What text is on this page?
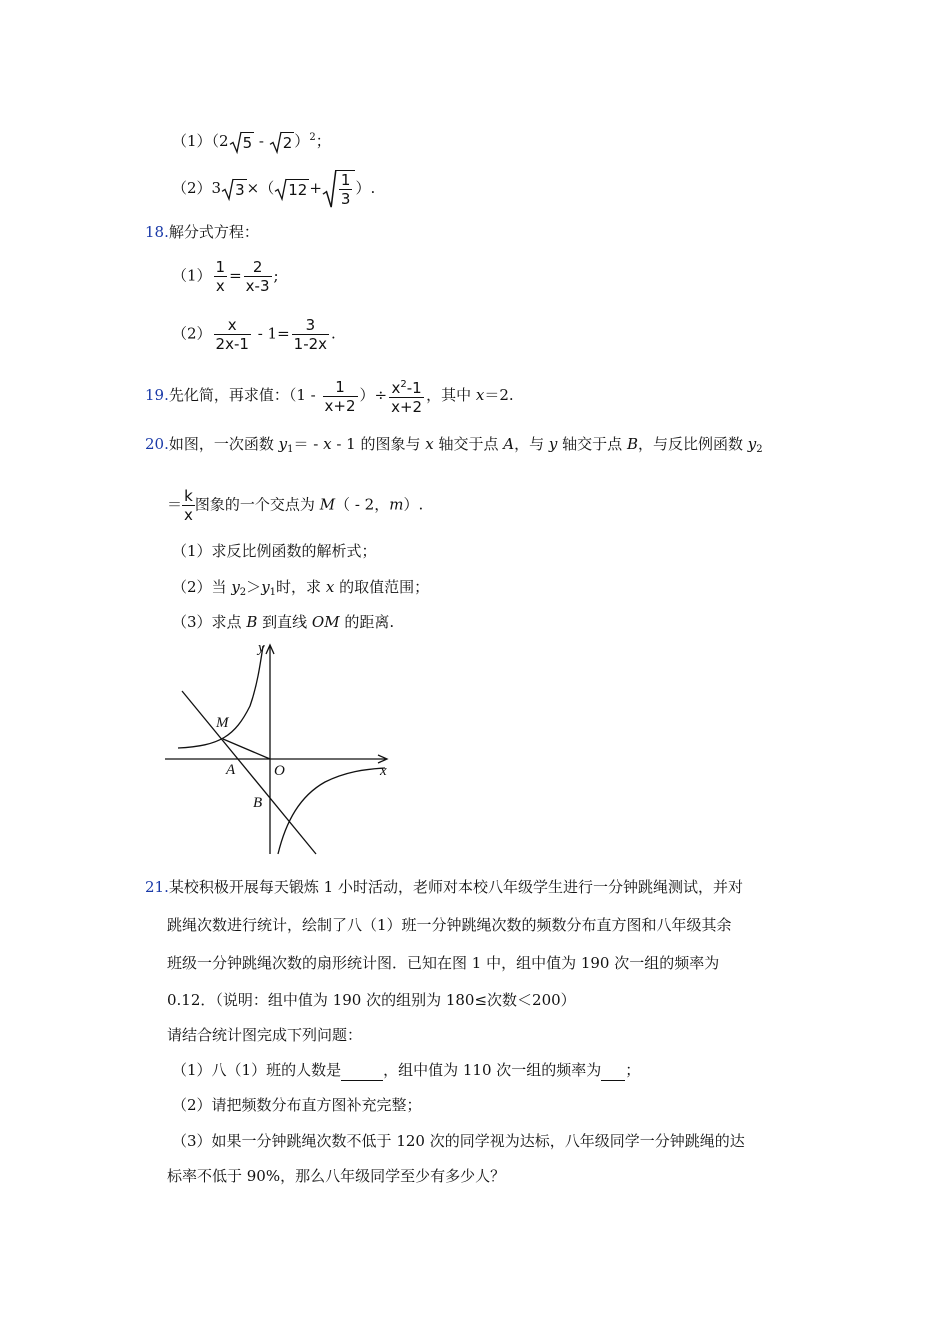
（1）（2 5 -
2 ）$^2$；
（2）3 3 ×（ $12 + \frac{1}{3}$ ）.
18.解分式方程：
$(1) \frac{1}{x} = \frac{2}{x-3}$ ;
$(2) \frac{x}{2x-1} - 1= \frac{3}{1-2x}$ .
19.先化简，再求值：（$1 - \frac{1}{x+2}$ ）÷ $\frac{x^2-1}{x+2}$ ，其中 x＝2.
20.如图，一次函数 $y_1= - x - 1$ 的图象与 x 轴交于点 A，与 y 轴交于点 B，与反比例函数 $y_2$
＝ $\frac{k}{x}$ 图象的一个交点为 M（ - 2，m）.
（1）求反比例函数的解析式；
（2）当 $y_2>y_1$时，求 x 的取值范围；
（3）求点 B 到直线 OM 的距离.
y
x
O
A
B
M
21.某校积极开展每天锻炼 1 小时活动，老师对本校八年级学生进行一分钟跳绳测试，并对
跳绳次数进行统计，绘制了八（1）班一分钟跳绳次数的频数分布直方图和八年级其余
班级一分钟跳绳次数的扇形统计图．已知在图 1 中，组中值为 190 次一组的频率为
0.12．（说明：组中值为 190 次的组别为 180≤次数＜200）
请结合统计图完成下列问题：
（1）八（1）班的人数是	，组中值为 110 次一组的频率为 ；
（2）请把频数分布直方图补充完整；
（3）如果一分钟跳绳次数不低于 120 次的同学视为达标，八年级同学一分钟跳绳的达
标率不低于 90%，那么八年级同学至少有多少人？
